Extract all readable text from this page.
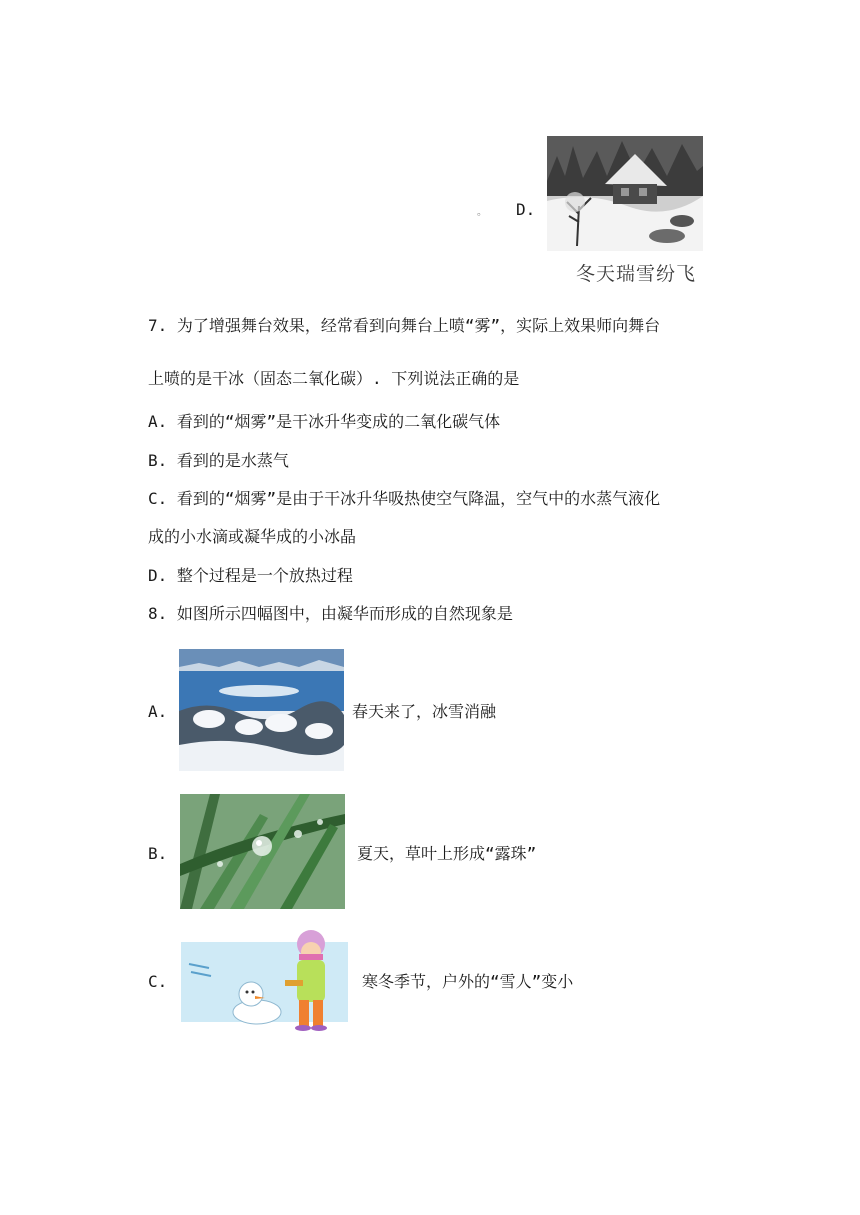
。 D.
冬天瑞雪纷飞
7. 为了增强舞台效果，经常看到向舞台上喷“雾”，实际上效果师向舞台
上喷的是干冰（固态二氧化碳）. 下列说法正确的是
A. 看到的“烟雾”是干冰升华变成的二氧化碳气体
B. 看到的是水蒸气
C. 看到的“烟雾”是由于干冰升华吸热使空气降温，空气中的水蒸气液化
成的小水滴或凝华成的小冰晶
D. 整个过程是一个放热过程
8. 如图所示四幅图中，由凝华而形成的自然现象是
A.	春天来了，冰雪消融
B.	夏天，草叶上形成“露珠”
C.	寒冬季节，户外的“雪人”变小
